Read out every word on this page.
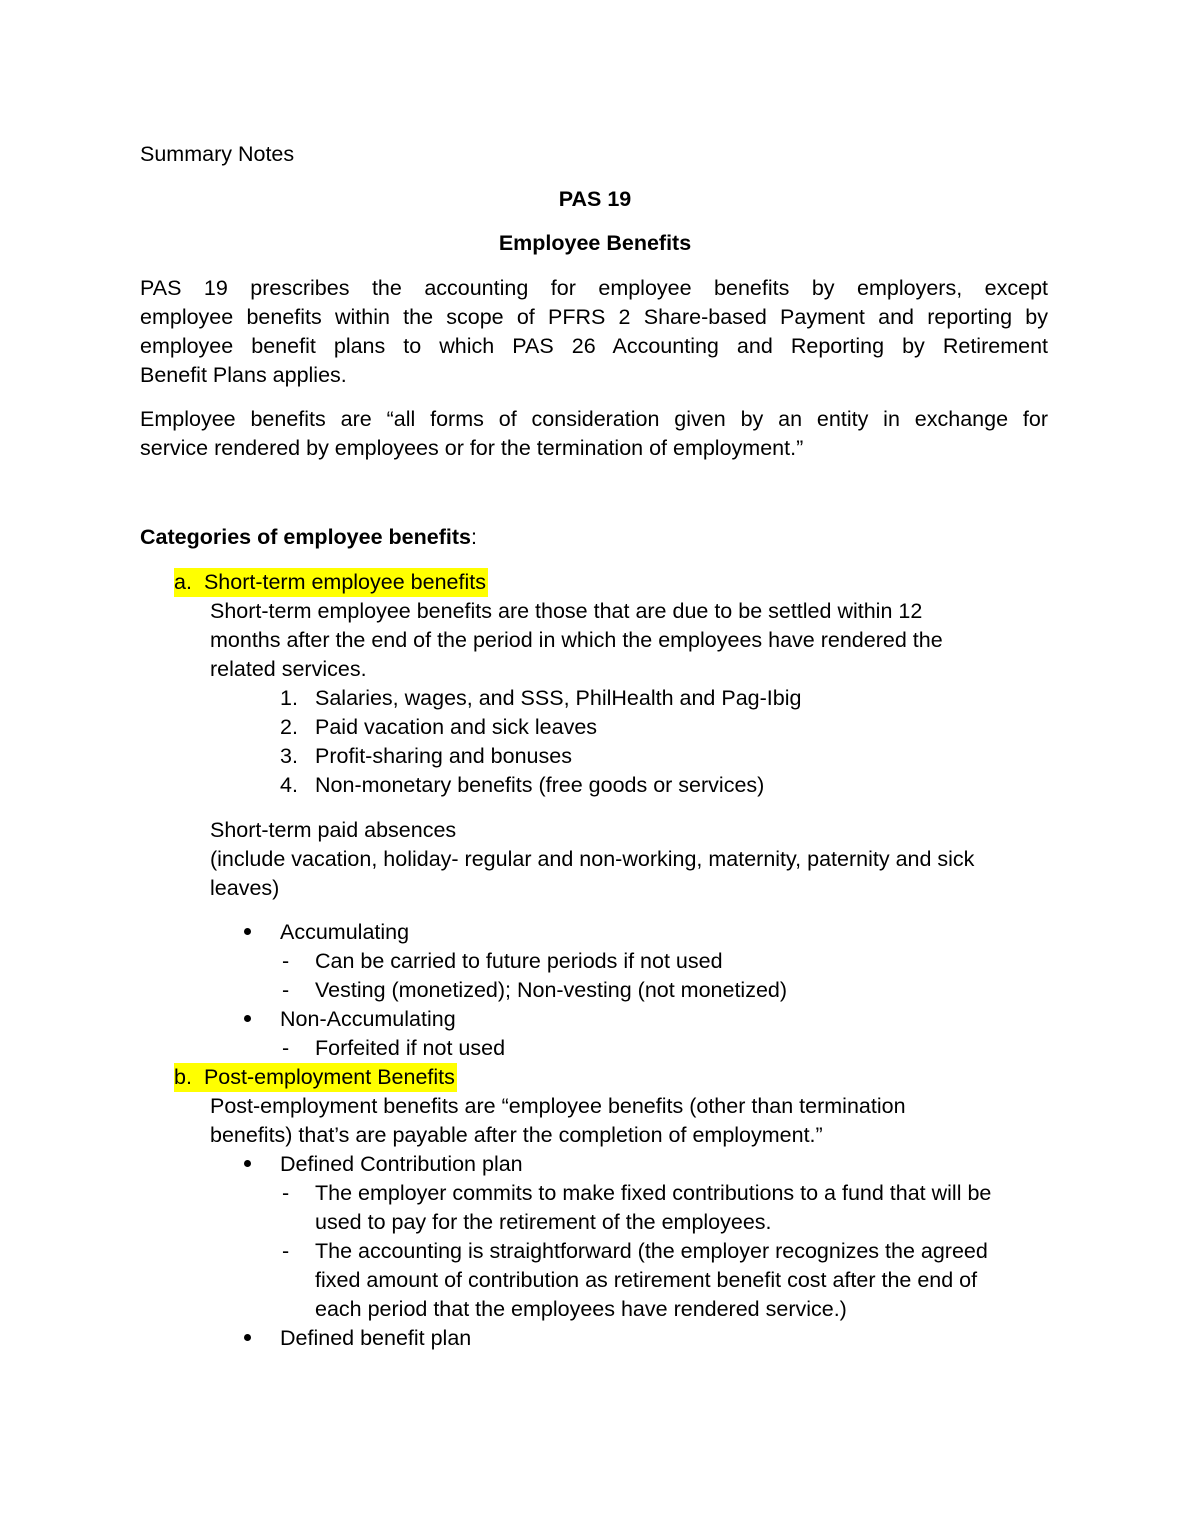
Summary Notes
PAS 19
Employee Benefits
PAS 19 prescribes the accounting for employee benefits by employers, except
employee benefits within the scope of PFRS 2 Share-based Payment and reporting by
employee benefit plans to which PAS 26 Accounting and Reporting by Retirement
Benefit Plans applies.
Employee benefits are “all forms of consideration given by an entity in exchange for
service rendered by employees or for the termination of employment.”
Categories of employee benefits:
a. Short-term employee benefits
Short-term employee benefits are those that are due to be settled within 12
months after the end of the period in which the employees have rendered the
related services.
1. Salaries, wages, and SSS, PhilHealth and Pag-Ibig
2. Paid vacation and sick leaves
3. Profit-sharing and bonuses
4. Non-monetary benefits (free goods or services)
Short-term paid absences
(include vacation, holiday- regular and non-working, maternity, paternity and sick
leaves)
Accumulating
- Can be carried to future periods if not used
- Vesting (monetized); Non-vesting (not monetized)
Non-Accumulating
- Forfeited if not used
b. Post-employment Benefits
Post-employment benefits are “employee benefits (other than termination
benefits) that’s are payable after the completion of employment.”
Defined Contribution plan
- The employer commits to make fixed contributions to a fund that will be
used to pay for the retirement of the employees.
- The accounting is straightforward (the employer recognizes the agreed
fixed amount of contribution as retirement benefit cost after the end of
each period that the employees have rendered service.)
Defined benefit plan
